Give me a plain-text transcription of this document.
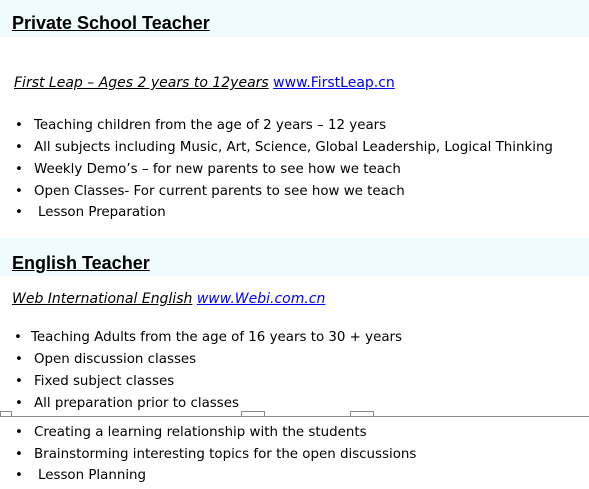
Private School Teacher
First Leap – Ages 2 years to 12years www.FirstLeap.cn
• Teaching children from the age of 2 years – 12 years
• All subjects including Music, Art, Science, Global Leadership, Logical Thinking
• Weekly Demo’s – for new parents to see how we teach
• Open Classes- For current parents to see how we teach
• Lesson Preparation
English Teacher
Web International English www.Webi.com.cn
• Teaching Adults from the age of 16 years to 30 + years
• Open discussion classes
• Fixed subject classes
• All preparation prior to classes
• Creating a learning relationship with the students
• Brainstorming interesting topics for the open discussions
• Lesson Planning
